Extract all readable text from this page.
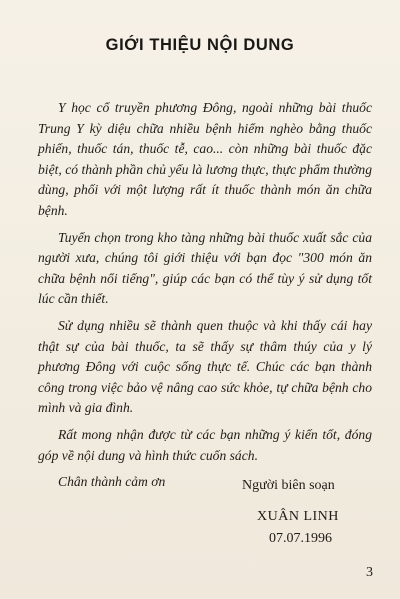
GIỚI THIỆU NỘI DUNG

Y học cổ truyền phương Đông, ngoài những bài thuốc Trung Y kỳ diệu chữa nhiều bệnh hiểm nghèo bằng thuốc phiến, thuốc tán, thuốc tễ, cao... còn những bài thuốc đặc biệt, có thành phần chủ yếu là lương thực, thực phẩm thường dùng, phối với một lượng rất ít thuốc thành món ăn chữa bệnh.

Tuyển chọn trong kho tàng những bài thuốc xuất sắc của người xưa, chúng tôi giới thiệu với bạn đọc "300 món ăn chữa bệnh nổi tiếng", giúp các bạn có thể tùy ý sử dụng tốt lúc cần thiết.

Sử dụng nhiều sẽ thành quen thuộc và khi thấy cái hay thật sự của bài thuốc, ta sẽ thấy sự thâm thúy của y lý phương Đông với cuộc sống thực tế. Chúc các bạn thành công trong việc bảo vệ nâng cao sức khỏe, tự chữa bệnh cho mình và gia đình.

Rất mong nhận được từ các bạn những ý kiến tốt, đóng góp về nội dung và hình thức cuốn sách.

Chân thành cảm ơn	Người biên soạn
XUÂN LINH
07.07.1996
3
